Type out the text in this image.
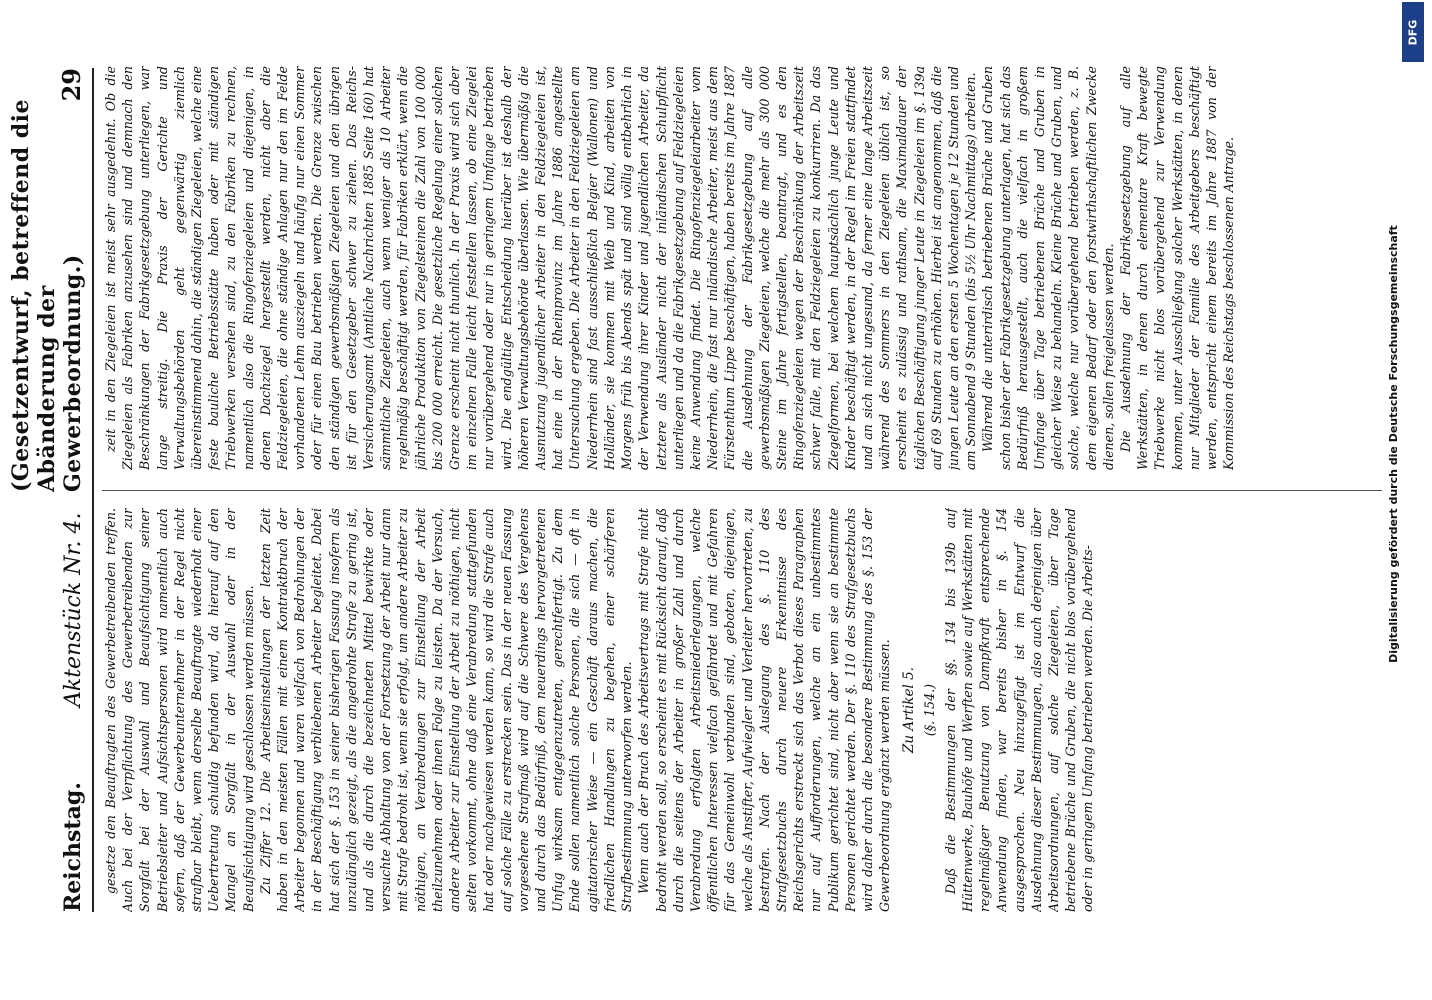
Reichstag.
Aktenstück Nr. 4.
(Gesetzentwurf, betreffend die Abänderung der Gewerbeordnung.)
29

gesetze den Beauftragten des Gewerbetreibenden treffen. Auch bei der Verpflichtung des Gewerbetreibenden zur Sorgfalt bei der Auswahl und Beaufsichtigung seiner Betriebsleiter und Aufsichtspersonen wird namentlich auch sofern, daß der Gewerbeunternehmer in der Regel nicht strafbar bleibt, wenn derselbe Beauftragte wiederholt einer Uebertretung schuldig befunden wird, da hierauf auf den Mangel an Sorgfalt in der Auswahl oder in der Beaufsichtigung wird geschlossen werden müssen. Zu Ziffer 12. Die Arbeitseinstellungen der letzten Zeit haben in den meisten Fällen mit einem Kontraktbruch der Arbeiter begonnen und waren vielfach von Bedrohungen der in der Beschäftigung verbliebenen Arbeiter begleitet. Dabei hat sich der §. 153 in seiner bisherigen Fassung insofern als unzulänglich gezeigt, als die angedrohte Strafe zu gering ist, und als die durch die bezeichneten Mittel bewirkte oder versuchte Abhaltung von der Fortsetzung der Arbeit nur dann mit Strafe bedroht ist, wenn sie erfolgt, um andere Arbeiter zu nöthigen, an Verabredungen zur Einstellung der Arbeit theilzunehmen oder ihnen Folge zu leisten. Da der Versuch, andere Arbeiter zur Einstellung der Arbeit zu nöthigen, nicht selten vorkommt, ohne daß eine Verabredung stattgefunden hat oder nachgewiesen werden kann, so wird die Strafe auch auf solche Fälle zu erstrecken sein. Das in der neuen Fassung vorgesehene Strafmaß wird auf die Schwere des Vergehens und durch das Bedürfniß, dem neuerdings hervorgetretenen Unfug wirksam entgegenzutreten, gerechtfertigt. Zu dem Ende sollen namentlich solche Personen, die sich — oft in agitatorischer Weise — ein Geschäft daraus machen, die friedlichen Handlungen zu begehen, einer schärferen Strafbestimmung unterworfen werden. Wenn auch der Bruch des Arbeitsvertrags mit Strafe nicht bedroht werden soll, so erscheint es mit Rücksicht darauf, daß durch die seitens der Arbeiter in großer Zahl und durch Verabredung erfolgten Arbeitsniederlegungen, welche öffentlichen Interessen vielfach gefährdet und mit Gefahren für das Gemeinwohl verbunden sind, geboten, diejenigen, welche als Anstifter, Aufwiegler und Verleiter hervortreten, zu bestrafen. Nach der Auslegung des §. 110 des Strafgesetzbuchs durch neuere Erkenntnisse des Reichsgerichts erstreckt sich das Verbot dieses Paragraphen nur auf Aufforderungen, welche an ein unbestimmtes Publikum gerichtet sind, nicht aber wenn sie an bestimmte Personen gerichtet werden. Der §. 110 des Strafgesetzbuchs wird daher durch die besondere Bestimmung des §. 153 der Gewerbeordnung ergänzt werden müssen. Zu Artikel 5. (§. 154.) Daß die Bestimmungen der §§. 134 bis 139b auf Hüttenwerke, Bauhöfe und Werften sowie auf Werkstätten mit regelmäßiger Benutzung von Dampfkraft entsprechende Anwendung finden, war bereits bisher in §. 154 ausgesprochen. Neu hinzugefügt ist im Entwurf die Ausdehnung dieser Bestimmungen, also auch derjenigen über Arbeitsordnungen, auf solche Ziegeleien, über Tage betriebene Brüche und Gruben, die nicht blos vorübergehend oder in geringem Umfang betrieben werden. Die Arbeits-

zeit in den Ziegeleien ist meist sehr ausgedehnt. Ob die Ziegeleien als Fabriken anzusehen sind und demnach den Beschränkungen der Fabrikgesetzgebung unterliegen, war lange streitig. Die Praxis der Gerichte und Verwaltungsbehörden geht gegenwärtig ziemlich übereinstimmend dahin, die ständigen Ziegeleien, welche eine feste bauliche Betriebsstätte haben oder mit ständigen Triebwerken versehen sind, zu den Fabriken zu rechnen, namentlich also die Ringofenziegeleien und diejenigen, in denen Dachziegel hergestellt werden, nicht aber die Feldziegeleien, die ohne ständige Anlagen nur den im Felde vorhandenen Lehm ausziegeln und häufig nur einen Sommer oder für einen Bau betrieben werden. Die Grenze zwischen den ständigen gewerbsmäßigen Ziegeleien und den übrigen ist für den Gesetzgeber schwer zu ziehen. Das Reichs-Versicherungsamt (Amtliche Nachrichten 1885 Seite 160) hat sämmtliche Ziegeleien, auch wenn weniger als 10 Arbeiter regelmäßig beschäftigt werden, für Fabriken erklärt, wenn die jährliche Produktion von Ziegelsteinen die Zahl von 100 000 bis 200 000 erreicht. Die gesetzliche Regelung einer solchen Grenze erscheint nicht thunlich. In der Praxis wird sich aber im einzelnen Falle leicht feststellen lassen, ob eine Ziegelei nur vorübergehend oder nur in geringem Umfange betrieben wird. Die endgültige Entscheidung hierüber ist deshalb der höheren Verwaltungsbehörde überlassen. Wie übermäßig die Ausnutzung jugendlicher Arbeiter in den Feldziegeleien ist, hat eine in der Rheinprovinz im Jahre 1886 angestellte Untersuchung ergeben. Die Arbeiter in den Feldziegeleien am Niederrhein sind fast ausschließlich Belgier (Wallonen) und Holländer, sie kommen mit Weib und Kind, arbeiten von Morgens früh bis Abends spät und sind völlig entbehrlich in der Verwendung ihrer Kinder und jugendlichen Arbeiter, da letztere als Ausländer nicht der inländischen Schulpflicht unterliegen und da die Fabrikgesetzgebung auf Feldziegeleien keine Anwendung findet. Die Ringofenziegeleiarbeiter vom Niederrhein, die fast nur inländische Arbeiter, meist aus dem Fürstenthum Lippe beschäftigen, haben bereits im Jahre 1887 die Ausdehnung der Fabrikgesetzgebung auf alle gewerbsmäßigen Ziegeleien, welche die mehr als 300 000 Steine im Jahre fertigstellen, beantragt, und es den Ringofenziegeleien wegen der Beschränkung der Arbeitszeit schwer falle, mit den Feldziegeleien zu konkurriren. Da das Ziegelformen, bei welchem hauptsächlich junge Leute und Kinder beschäftigt werden, in der Regel im Freien stattfindet und an sich nicht ungesund, da ferner eine lange Arbeitszeit während des Sommers in den Ziegeleien üblich ist, so erscheint es zulässig und rathsam, die Maximaldauer der täglichen Beschäftigung junger Leute in Ziegeleien im §. 139a auf 69 Stunden zu erhöhen. Hierbei ist angenommen, daß die jungen Leute an den ersten 5 Wochentagen je 12 Stunden und am Sonnabend 9 Stunden (bis 5½ Uhr Nachmittags) arbeiten. Während die unterirdisch betriebenen Brüche und Gruben schon bisher der Fabrikgesetzgebung unterlagen, hat sich das Bedürfniß herausgestellt, auch die vielfach in großem Umfange über Tage betriebenen Brüche und Gruben in gleicher Weise zu behandeln. Kleine Brüche und Gruben, und solche, welche nur vorübergehend betrieben werden, z. B. dem eigenen Bedarf oder den forstwirthschaftlichen Zwecke dienen, sollen freigelassen werden. Die Ausdehnung der Fabrikgesetzgebung auf alle Werkstätten, in denen durch elementare Kraft bewegte Triebwerke nicht blos vorübergehend zur Verwendung kommen, unter Ausschließung solcher Werkstätten, in denen nur Mitglieder der Familie des Arbeitgebers beschäftigt werden, entspricht einem bereits im Jahre 1887 von der Kommission des Reichstags beschlossenen Antrage.

DFG
Digitalisierung gefördert durch die Deutsche Forschungsgemeinschaft
